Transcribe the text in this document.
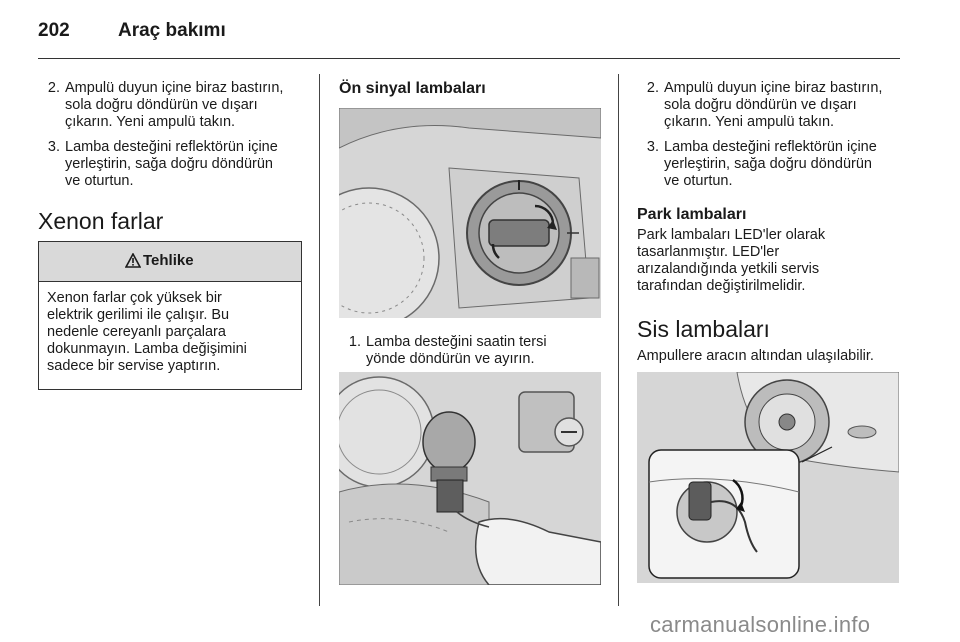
202	Araç bakımı
2. Ampulü duyun içine biraz bastırın,
sola doğru döndürün ve dışarı
çıkarın. Yeni ampulü takın.
3. Lamba desteğini reflektörün içine
yerleştirin, sağa doğru döndürün
ve oturtun.
Xenon farlar
Tehlike
Xenon farlar çok yüksek bir
elektrik gerilimi ile çalışır. Bu
nedenle cereyanlı parçalara
dokunmayın. Lamba değişimini
sadece bir servise yaptırın.
Ön sinyal lambaları
1. Lamba desteğini saatin tersi
yönde döndürün ve ayırın.
2. Ampulü duyun içine biraz bastırın,
sola doğru döndürün ve dışarı
çıkarın. Yeni ampulü takın.
3. Lamba desteğini reflektörün içine
yerleştirin, sağa doğru döndürün
ve oturtun.
Park lambaları
Park lambaları LED'ler olarak
tasarlanmıştır. LED'ler
arızalandığında yetkili servis
tarafından değiştirilmelidir.
Sis lambaları
Ampullere aracın altından ulaşılabilir.
carmanualsonline.info
